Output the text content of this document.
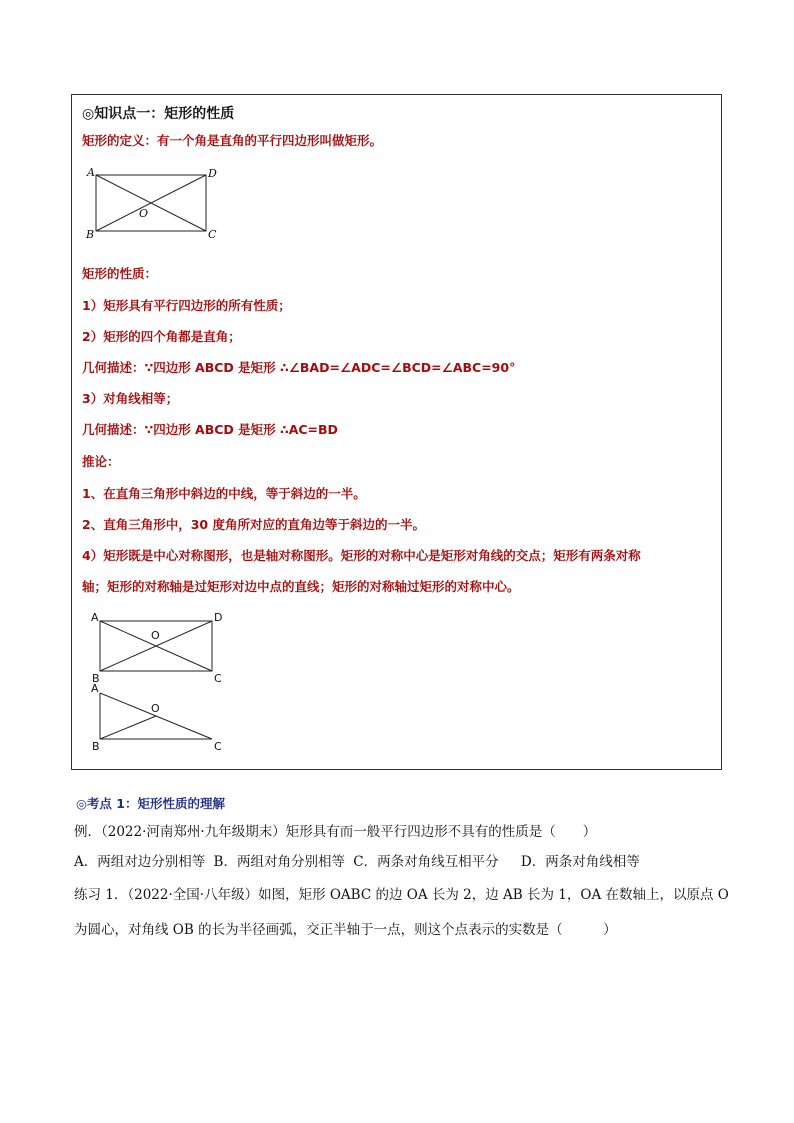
◎知识点一：矩形的性质
矩形的定义：有一个角是直角的平行四边形叫做矩形。
A	D
O
B	C
矩形的性质：
1）矩形具有平行四边形的所有性质；
2）矩形的四个角都是直角；
几何描述：∵四边形 ABCD 是矩形 ∴∠BAD=∠ADC=∠BCD=∠ABC=90°
3）对角线相等；
几何描述：∵四边形 ABCD 是矩形 ∴AC=BD
推论：
1、在直角三角形中斜边的中线，等于斜边的一半。
2、直角三角形中，30 度角所对应的直角边等于斜边的一半。
4）矩形既是中心对称图形，也是轴对称图形。矩形的对称中心是矩形对角线的交点；矩形有两条对称
轴；矩形的对称轴是过矩形对边中点的直线；矩形的对称轴过矩形的对称中心。
A	D
O
B	C
A
O
B	C
◎考点 1：矩形性质的理解
例．（2022·河南郑州·九年级期末）矩形具有而一般平行四边形不具有的性质是（　　）
A．两组对边分别相等 B．两组对角分别相等 C．两条对角线互相平分 D．两条对角线相等
练习 1．（2022·全国·八年级）如图，矩形 OABC 的边 OA 长为 2，边 AB 长为 1，OA 在数轴上，以原点 O
为圆心，对角线 OB 的长为半径画弧，交正半轴于一点，则这个点表示的实数是（　　　）
